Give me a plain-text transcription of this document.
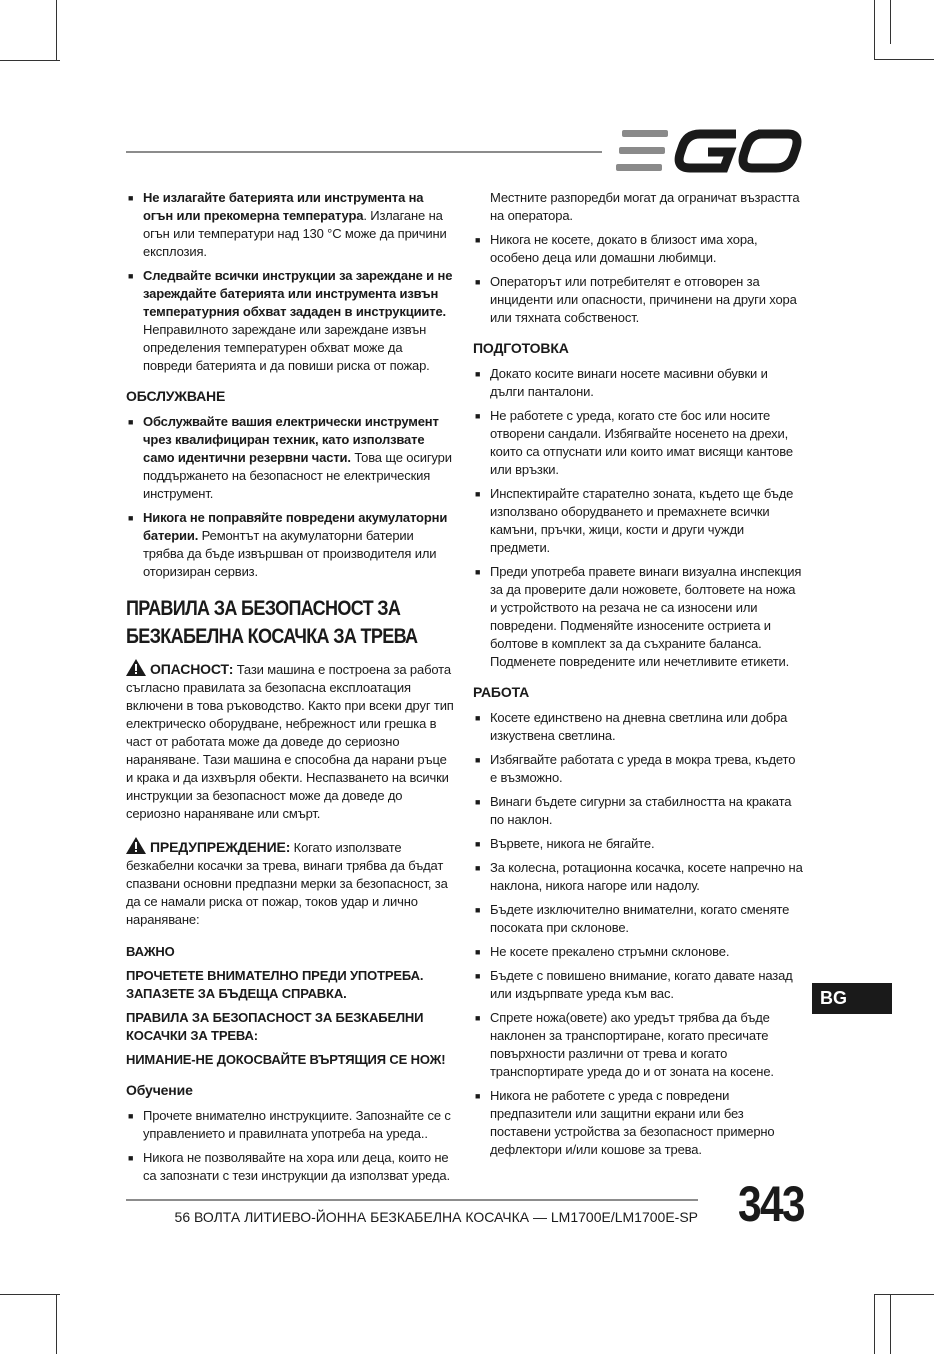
■ Не излагайте батерията или инструмента на огън или прекомерна температура. Излагане на огън или температури над 130 °C може да причини експлозия.
■ Следвайте всички инструкции за зареждане и не зареждайте батерията или инструмента извън температурния обхват зададен в инструкциите. Неправилното зареждане или зареждане извън определения температурен обхват може да повреди батерията и да повиши риска от пожар.
ОБСЛУЖВАНЕ
■ Обслужвайте вашия електрически инструмент чрез квалифициран техник, като използвате само идентични резервни части. Това ще осигури поддържането на безопасност не електрическия инструмент.
■ Никога не поправяйте повредени акумулаторни батерии. Ремонтът на акумулаторни батерии трябва да бъде извършван от производителя или оторизиран сервиз.
ПРАВИЛА ЗА БЕЗОПАСНОСТ ЗА
БЕЗКАБЕЛНА КОСАЧКА ЗА ТРЕВА
ОПАСНОСТ: Тази машина е построена за работа съгласно правилата за безопасна експлоатация включени в това ръководство. Както при всеки друг тип електрическо оборудване, небрежност или грешка в част от работата може да доведе до сериозно нараняване. Тази машина е способна да нарани ръце и крака и да изхвърля обекти. Неспазването на всички инструкции за безопасност може да доведе до сериозно нараняване или смърт.
ПРЕДУПРЕЖДЕНИЕ: Когато използвате безкабелни косачки за трева, винаги трябва да бъдат спазвани основни предпазни мерки за безопасност, за да се намали риска от пожар, токов удар и лично нараняване:
ВАЖНО
ПРОЧЕТЕТЕ ВНИМАТЕЛНО ПРЕДИ УПОТРЕБА. ЗАПАЗЕТЕ ЗА БЪДЕЩА СПРАВКА.
ПРАВИЛА ЗА БЕЗОПАСНОСТ ЗА БЕЗКАБЕЛНИ КОСАЧКИ ЗА ТРЕВА:
НИМАНИЕ-НЕ ДОКОСВАЙТЕ ВЪРТЯЩИЯ СЕ НОЖ!
Обучение
■ Прочете внимателно инструкциите. Запознайте се с управлението и правилната употреба на уреда..
■ Никога не позволявайте на хора или деца, които не са запознати с тези инструкции да използват уреда.
Местните разпоредби могат да ограничат възрастта на оператора.
■ Никога не косете, докато в близост има хора, особено деца или домашни любимци.
■ Операторът или потребителят е отговорен за инциденти или опасности, причинени на други хора или тяхната собственост.
ПОДГОТОВКА
■ Докато косите винаги носете масивни обувки и дълги панталони.
■ Не работете с уреда, когато сте бос или носите отворени сандали. Избягвайте носенето на дрехи, които са отпуснати или които имат висящи кантове или връзки.
■ Инспектирайте старателно зоната, където ще бъде използвано оборудването и премахнете всички камъни, пръчки, жици, кости и други чужди предмети.
■ Преди употреба правете винаги визуална инспекция за да проверите дали ножовете, болтовете на ножа и устройството на резача не са износени или повредени. Подменяйте износените остриета и болтове в комплект за да съхраните баланса. Подменете повредените или нечетливите етикети.
РАБОТА
■ Косете единствено на дневна светлина или добра изкуствена светлина.
■ Избягвайте работата с уреда в мокра трева, където е възможно.
■ Винаги бъдете сигурни за стабилността на краката по наклон.
■ Вървете, никога не бягайте.
■ За колесна, ротационна косачка, косете напречно на наклона, никога нагоре или надолу.
■ Бъдете изключително внимателни, когато сменяте посоката при склонове.
■ Не косете прекалено стръмни склонове.
■ Бъдете с повишено внимание, когато давате назад или издърпвате уреда към вас.
■ Спрете ножа(овете) ако уредът трябва да бъде наклонен за транспортиране, когато пресичате повърхности различни от трева и когато транспортирате уреда до и от зоната на косене.
■ Никога не работете с уреда с повредени предпазители или защитни екрани или без поставени устройства за безопасност примерно дефлектори и/или кошове за трева.
BG
56 ВОЛТА ЛИТИЕВО-ЙОННА БЕЗКАБЕЛНА КОСАЧКА — LM1700E/LM1700E-SP 343
